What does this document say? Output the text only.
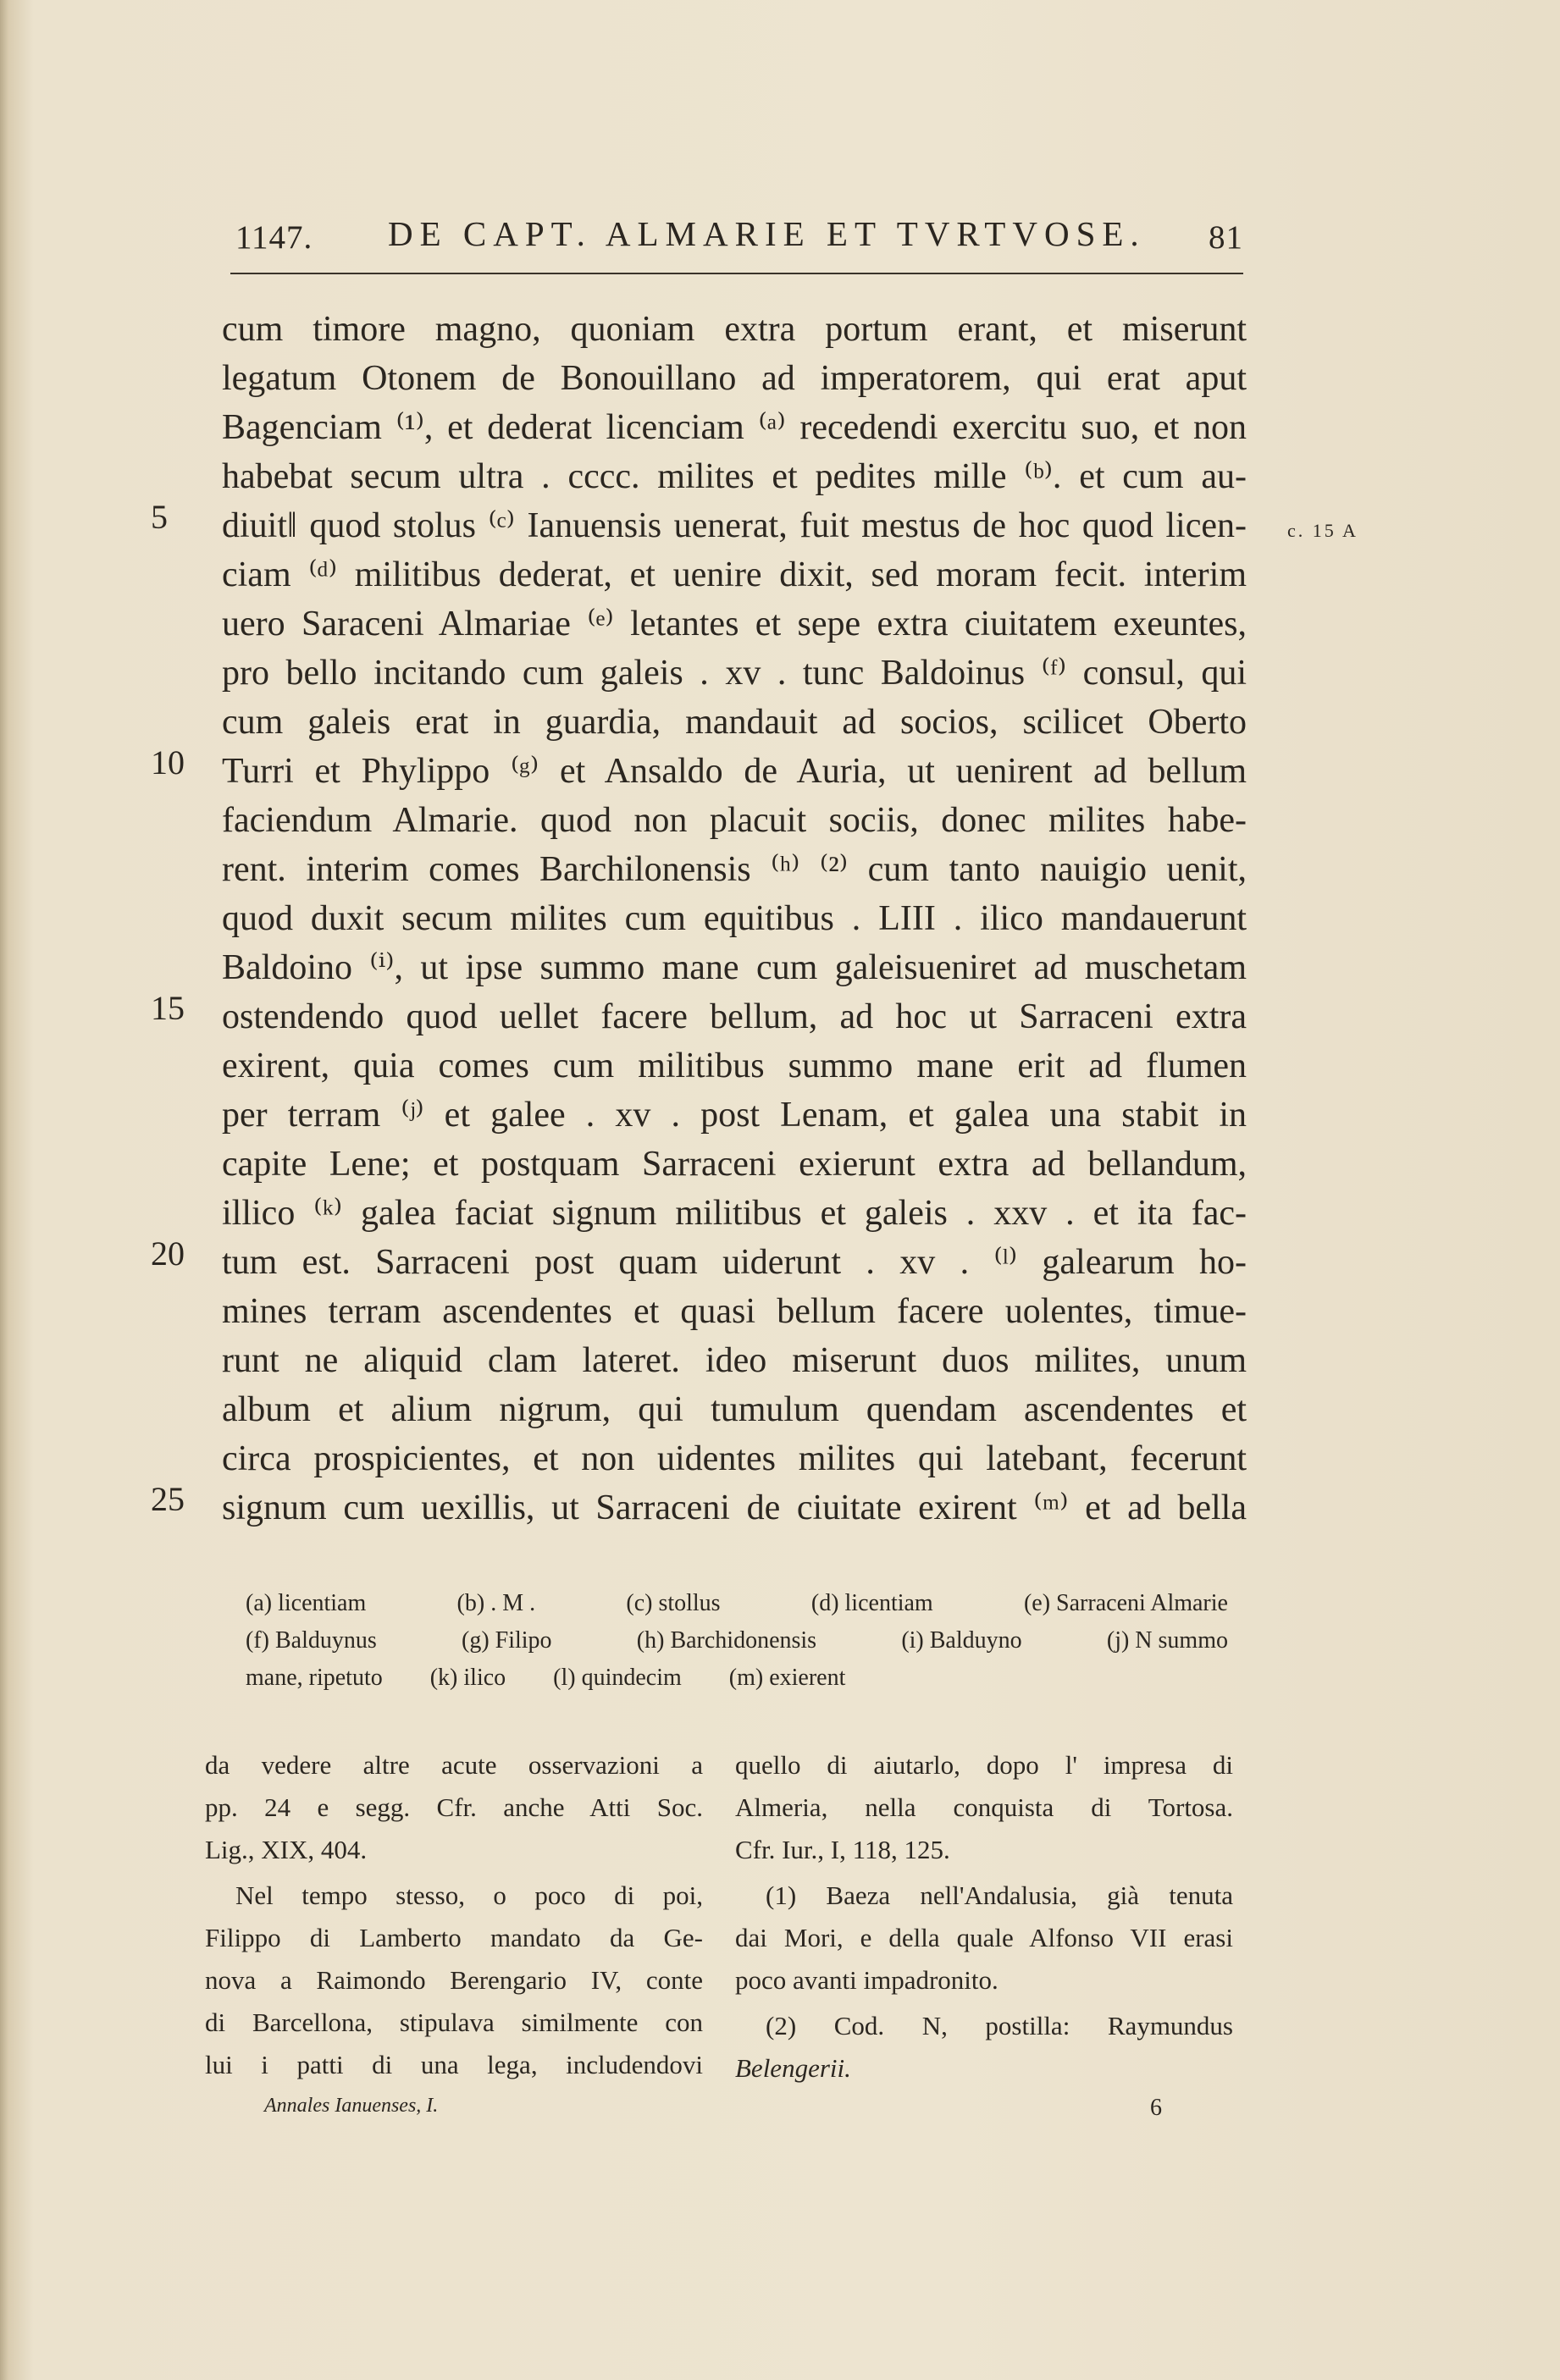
1147. DE CAPT. ALMARIE ET TVRTVOSE. 81
5
10
15
20
25
c. 15 A
cum timore magno, quoniam extra portum erant, et miserunt
legatum Otonem de Bonouillano ad imperatorem, qui erat aput
Bagenciam ⁽¹⁾, et dederat licenciam ⁽ᵃ⁾ recedendi exercitu suo, et non
habebat secum ultra . cccc. milites et pedites mille ⁽ᵇ⁾. et cum au-
diuit‖ quod stolus ⁽ᶜ⁾ Ianuensis uenerat, fuit mestus de hoc quod licen-
ciam ⁽ᵈ⁾ militibus dederat, et uenire dixit, sed moram fecit. interim
uero Saraceni Almariae ⁽ᵉ⁾ letantes et sepe extra ciuitatem exeuntes,
pro bello incitando cum galeis . xv . tunc Baldoinus ⁽ᶠ⁾ consul, qui
cum galeis erat in guardia, mandauit ad socios, scilicet Oberto
Turri et Phylippo ⁽ᵍ⁾ et Ansaldo de Auria, ut uenirent ad bellum
faciendum Almarie. quod non placuit sociis, donec milites habe-
rent. interim comes Barchilonensis ⁽ʰ⁾ ⁽²⁾ cum tanto nauigio uenit,
quod duxit secum milites cum equitibus . LIII . ilico mandauerunt
Baldoino ⁽ⁱ⁾, ut ipse summo mane cum galeisueniret ad muschetam
ostendendo quod uellet facere bellum, ad hoc ut Sarraceni extra
exirent, quia comes cum militibus summo mane erit ad flumen
per terram ⁽ʲ⁾ et galee . xv . post Lenam, et galea una stabit in
capite Lene; et postquam Sarraceni exierunt extra ad bellandum,
illico ⁽ᵏ⁾ galea faciat signum militibus et galeis . xxv . et ita fac-
tum est. Sarraceni post quam uiderunt . xv . ⁽ˡ⁾ galearum ho-
mines terram ascendentes et quasi bellum facere uolentes, timue-
runt ne aliquid clam lateret. ideo miserunt duos milites, unum
album et alium nigrum, qui tumulum quendam ascendentes et
circa prospicientes, et non uidentes milites qui latebant, fecerunt
signum cum uexillis, ut Sarraceni de ciuitate exirent ⁽ᵐ⁾ et ad bella
(a) licentiam	(b) . M .	(c) stollus	(d) licentiam	(e) Sarraceni Almarie
(f) Balduynus	(g) Filipo	(h) Barchidonensis	(i) Balduyno	(j) N summo
mane, ripetuto (k) ilico (l) quindecim (m) exierent

da vedere altre acute osservazioni a
pp. 24 e segg. Cfr. anche Atti Soc.
Lig., XIX, 404.

Nel tempo stesso, o poco di poi,
Filippo di Lamberto mandato da Ge-
nova a Raimondo Berengario IV, conte
di Barcellona, stipulava similmente con
lui i patti di una lega, includendovi

quello di aiutarlo, dopo l' impresa di
Almeria, nella conquista di Tortosa.
Cfr. Iur., I, 118, 125.

(1) Baeza nell'Andalusia, già tenuta
dai Mori, e della quale Alfonso VII erasi
poco avanti impadronito.

(2) Cod. N, postilla: Raymundus
Belengerii.

Annales Ianuenses, I.	6
